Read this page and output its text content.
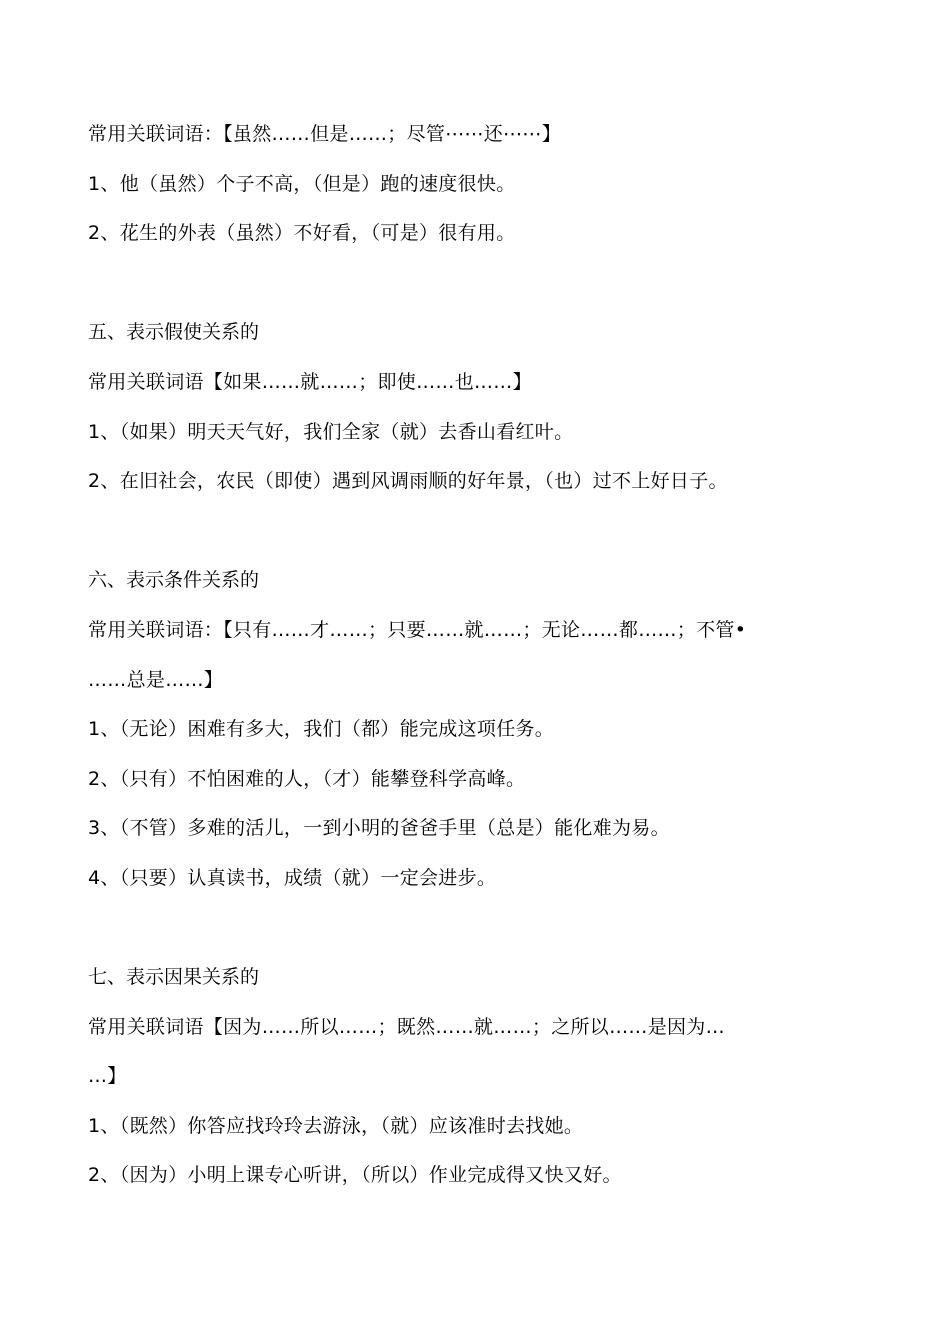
常用关联词语：【虽然……但是……；尽管⋯⋯还⋯⋯】
1、他（虽然）个子不高，（但是）跑的速度很快。
2、花生的外表（虽然）不好看，（可是）很有用。
五、表示假使关系的
常用关联词语【如果……就……；即使……也……】
1、（如果）明天天气好，我们全家（就）去香山看红叶。
2、在旧社会，农民（即使）遇到风调雨顺的好年景，（也）过不上好日子。
六、表示条件关系的
常用关联词语：【只有……才……；只要……就……；无论……都……；不管•
……总是……】
1、（无论）困难有多大，我们（都）能完成这项任务。
2、（只有）不怕困难的人，（才）能攀登科学高峰。
3、（不管）多难的活儿，一到小明的爸爸手里（总是）能化难为易。
4、（只要）认真读书，成绩（就）一定会进步。
七、表示因果关系的
常用关联词语【因为……所以……；既然……就……；之所以……是因为…
…】
1、（既然）你答应找玲玲去游泳，（就）应该准时去找她。
2、（因为）小明上课专心听讲，（所以）作业完成得又快又好。
